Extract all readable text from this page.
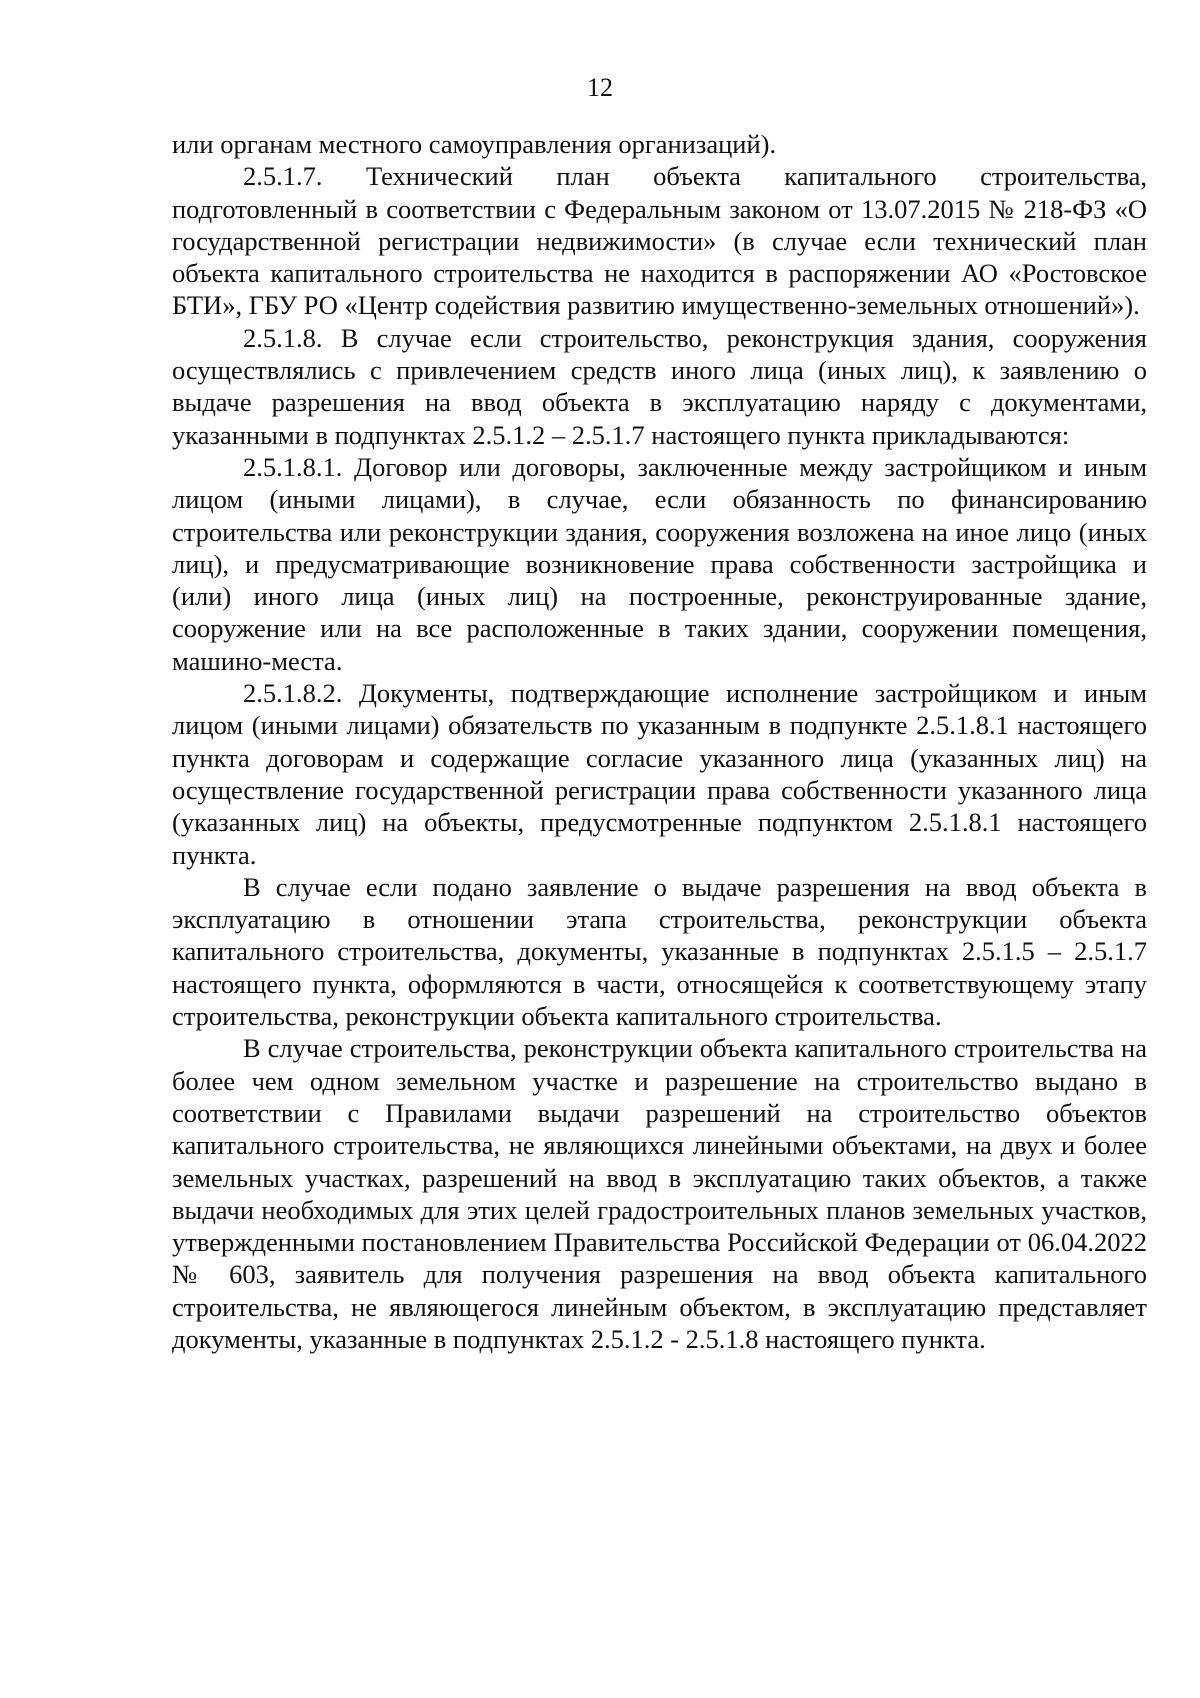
12

или органам местного самоуправления организаций).

2.5.1.7. Технический план объекта капитального строительства, подготовленный в соответствии с Федеральным законом от 13.07.2015 № 218-ФЗ «О государственной регистрации недвижимости» (в случае если технический план объекта капитального строительства не находится в распоряжении АО «Ростовское БТИ», ГБУ РО «Центр содействия развитию имущественно-земельных отношений»).

2.5.1.8. В случае если строительство, реконструкция здания, сооружения осуществлялись с привлечением средств иного лица (иных лиц), к заявлению о выдаче разрешения на ввод объекта в эксплуатацию наряду с документами, указанными в подпунктах 2.5.1.2 – 2.5.1.7 настоящего пункта прикладываются:

2.5.1.8.1. Договор или договоры, заключенные между застройщиком и иным лицом (иными лицами), в случае, если обязанность по финансированию строительства или реконструкции здания, сооружения возложена на иное лицо (иных лиц), и предусматривающие возникновение права собственности застройщика и (или) иного лица (иных лиц) на построенные, реконструированные здание, сооружение или на все расположенные в таких здании, сооружении помещения, машино-места.

2.5.1.8.2. Документы, подтверждающие исполнение застройщиком и иным лицом (иными лицами) обязательств по указанным в подпункте 2.5.1.8.1 настоящего пункта договорам и содержащие согласие указанного лица (указанных лиц) на осуществление государственной регистрации права собственности указанного лица (указанных лиц) на объекты, предусмотренные подпунктом 2.5.1.8.1 настоящего пункта.

В случае если подано заявление о выдаче разрешения на ввод объекта в эксплуатацию в отношении этапа строительства, реконструкции объекта капитального строительства, документы, указанные в подпунктах 2.5.1.5 – 2.5.1.7 настоящего пункта, оформляются в части, относящейся к соответствующему этапу строительства, реконструкции объекта капитального строительства.

В случае строительства, реконструкции объекта капитального строительства на более чем одном земельном участке и разрешение на строительство выдано в соответствии с Правилами выдачи разрешений на строительство объектов капитального строительства, не являющихся линейными объектами, на двух и более земельных участках, разрешений на ввод в эксплуатацию таких объектов, а также выдачи необходимых для этих целей градостроительных планов земельных участков, утвержденными постановлением Правительства Российской Федерации от 06.04.2022 № 603, заявитель для получения разрешения на ввод объекта капитального строительства, не являющегося линейным объектом, в эксплуатацию представляет документы, указанные в подпунктах 2.5.1.2 - 2.5.1.8 настоящего пункта.
